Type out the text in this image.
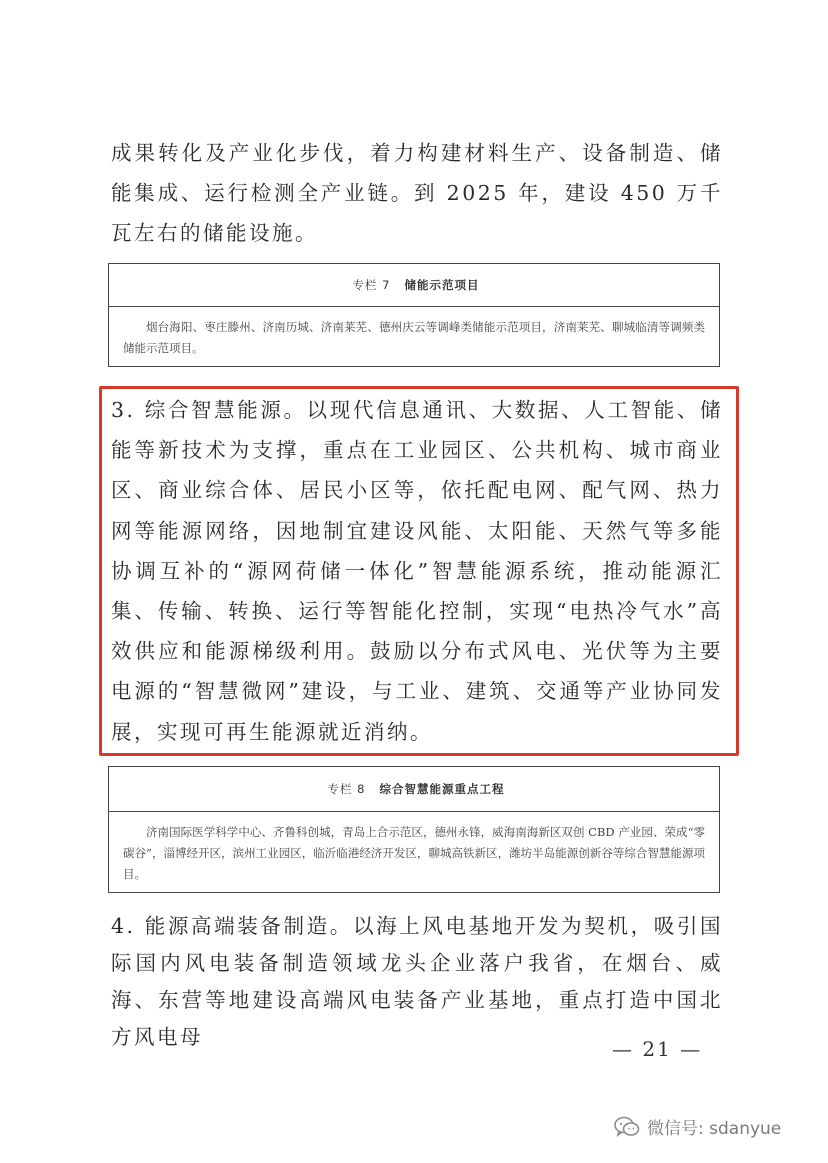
成果转化及产业化步伐，着力构建材料生产、设备制造、储能集成、运行检测全产业链。到 2025 年，建设 450 万千瓦左右的储能设施。

专栏 7 储能示范项目
烟台海阳、枣庄滕州、济南历城、济南莱芜、德州庆云等调峰类储能示范项目，济南莱芜、聊城临清等调频类储能示范项目。

3. 综合智慧能源。以现代信息通讯、大数据、人工智能、储能等新技术为支撑，重点在工业园区、公共机构、城市商业区、商业综合体、居民小区等，依托配电网、配气网、热力网等能源网络，因地制宜建设风能、太阳能、天然气等多能协调互补的“源网荷储一体化”智慧能源系统，推动能源汇集、传输、转换、运行等智能化控制，实现“电热冷气水”高效供应和能源梯级利用。鼓励以分布式风电、光伏等为主要电源的“智慧微网”建设，与工业、建筑、交通等产业协同发展，实现可再生能源就近消纳。

专栏 8 综合智慧能源重点工程
济南国际医学科学中心、齐鲁科创城，青岛上合示范区，德州永锋，威海南海新区双创 CBD 产业园、荣成“零碳谷”，淄博经开区，滨州工业园区，临沂临港经济开发区，聊城高铁新区，潍坊半岛能源创新谷等综合智慧能源项目。

4. 能源高端装备制造。以海上风电基地开发为契机，吸引国际国内风电装备制造领域龙头企业落户我省，在烟台、威海、东营等地建设高端风电装备产业基地，重点打造中国北方风电母	— 21 —
微信号: sdanyue
